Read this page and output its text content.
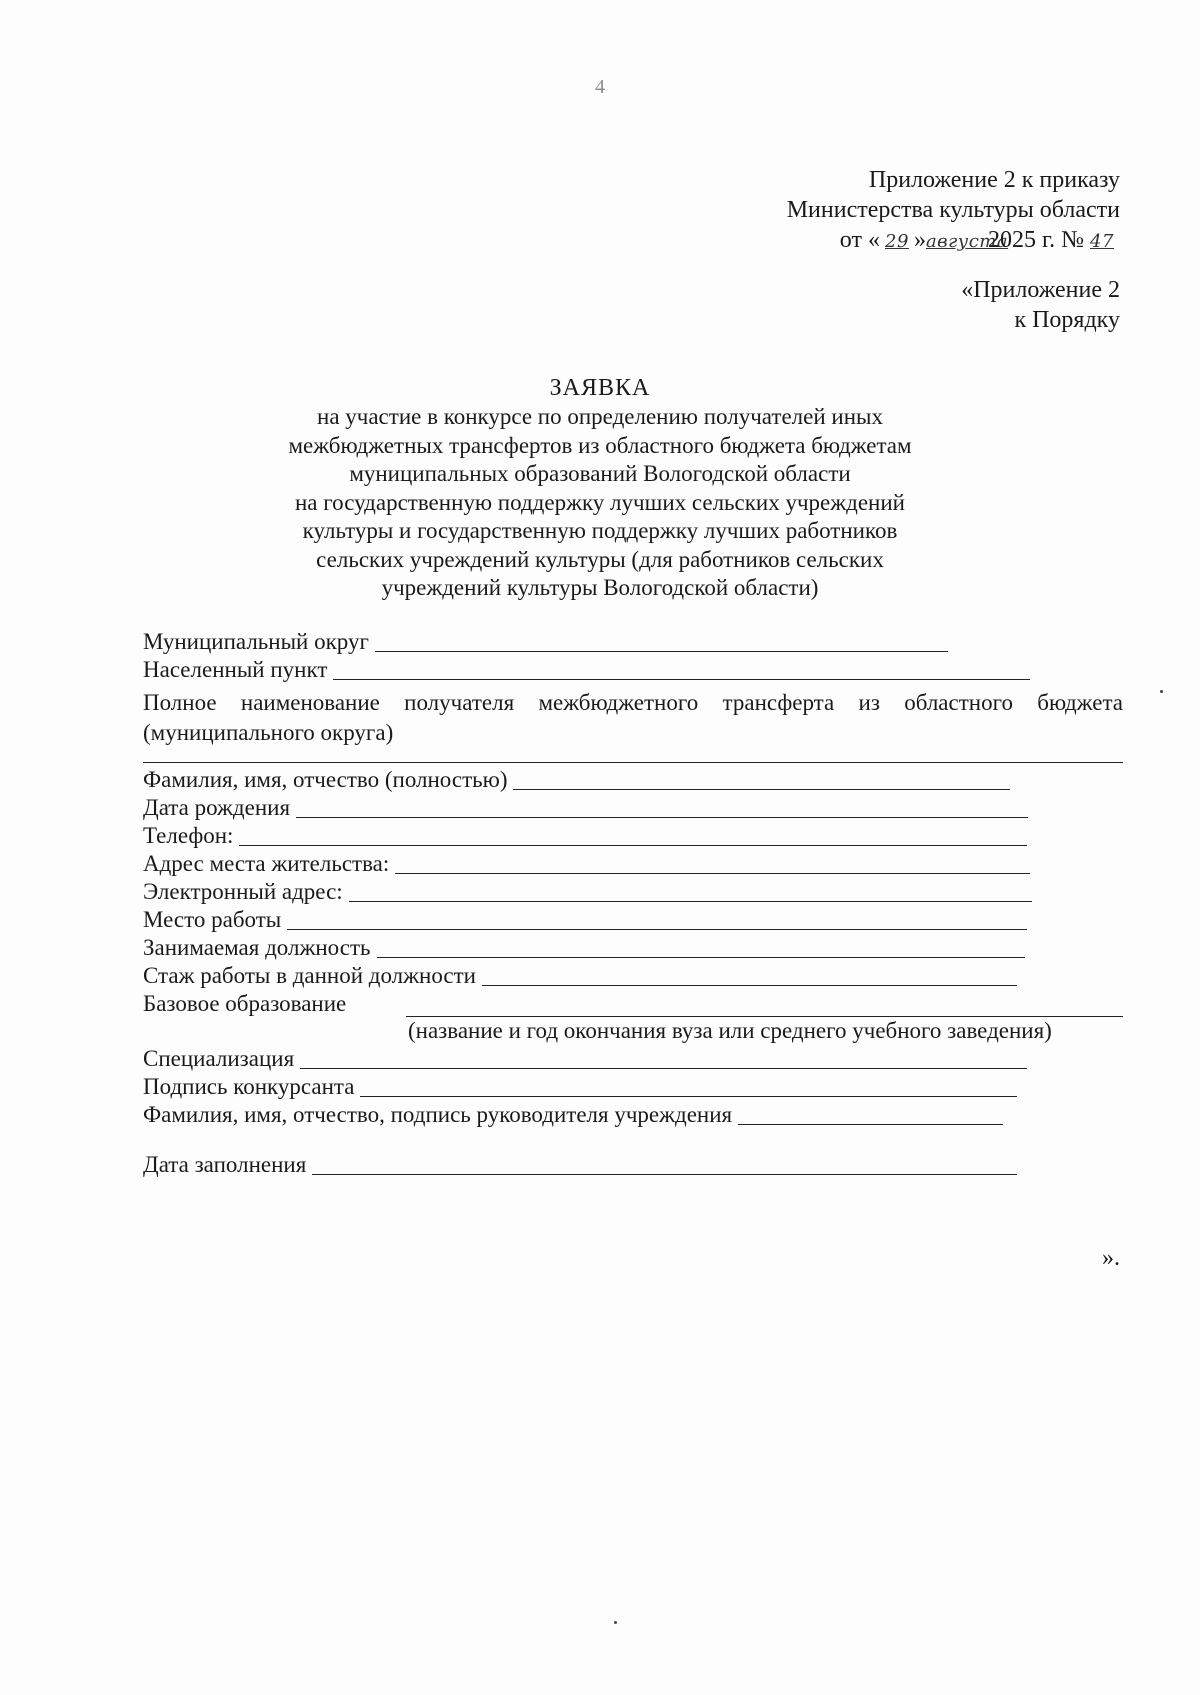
4
Приложение 2 к приказу
Министерства культуры области
от « 29 »августа2025 г. № 47
«Приложение 2
к Порядку
ЗАЯВКА
на участие в конкурсе по определению получателей иных
межбюджетных трансфертов из областного бюджета бюджетам
муниципальных образований Вологодской области
на государственную поддержку лучших сельских учреждений
культуры и государственную поддержку лучших работников
сельских учреждений культуры (для работников сельских
учреждений культуры Вологодской области)
Муниципальный округ
Населенный пункт
Полное наименование получателя межбюджетного трансферта из областного бюджета
(муниципального округа)
Фамилия, имя, отчество (полностью)
Дата рождения
Телефон:
Адрес места жительства:
Электронный адрес:
Место работы
Занимаемая должность
Стаж работы в данной должности
Базовое образование
(название и год окончания вуза или среднего учебного заведения)
Специализация
Подпись конкурсанта
Фамилия, имя, отчество, подпись руководителя учреждения
Дата заполнения
».
